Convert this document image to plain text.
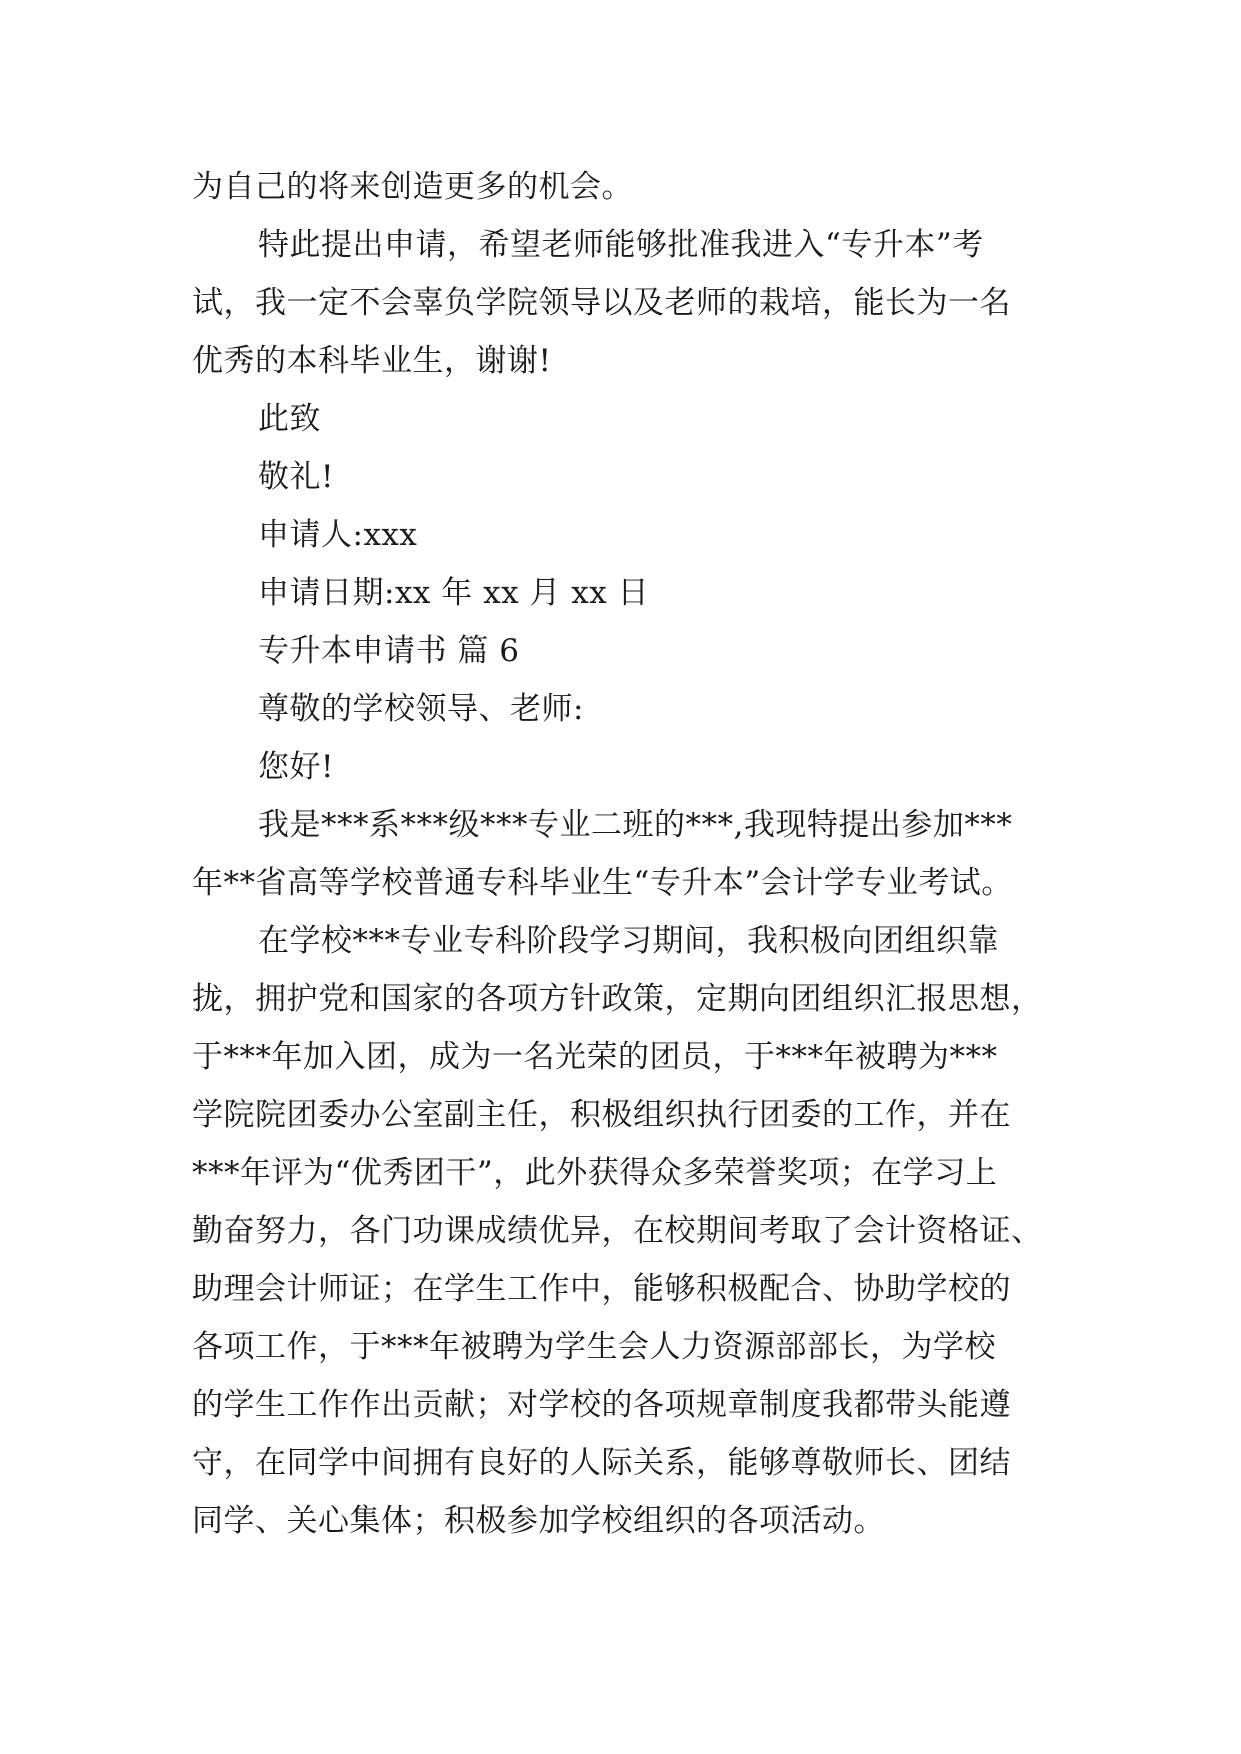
为自己的将来创造更多的机会。
特此提出申请，希望老师能够批准我进入“专升本”考
试，我一定不会辜负学院领导以及老师的栽培，能长为一名
优秀的本科毕业生，谢谢!
此致
敬礼!
申请人:xxx
申请日期:xx 年 xx 月 xx 日
专升本申请书 篇 6
尊敬的学校领导、老师:
您好!
我是***系***级***专业二班的***,我现特提出参加***
年**省高等学校普通专科毕业生“专升本”会计学专业考试。
在学校***专业专科阶段学习期间，我积极向团组织靠
拢，拥护党和国家的各项方针政策，定期向团组织汇报思想，
于***年加入团，成为一名光荣的团员，于***年被聘为***
学院院团委办公室副主任，积极组织执行团委的工作，并在
***年评为“优秀团干”，此外获得众多荣誉奖项；在学习上
勤奋努力，各门功课成绩优异，在校期间考取了会计资格证、
助理会计师证；在学生工作中，能够积极配合、协助学校的
各项工作，于***年被聘为学生会人力资源部部长，为学校
的学生工作作出贡献；对学校的各项规章制度我都带头能遵
守，在同学中间拥有良好的人际关系，能够尊敬师长、团结
同学、关心集体；积极参加学校组织的各项活动。
